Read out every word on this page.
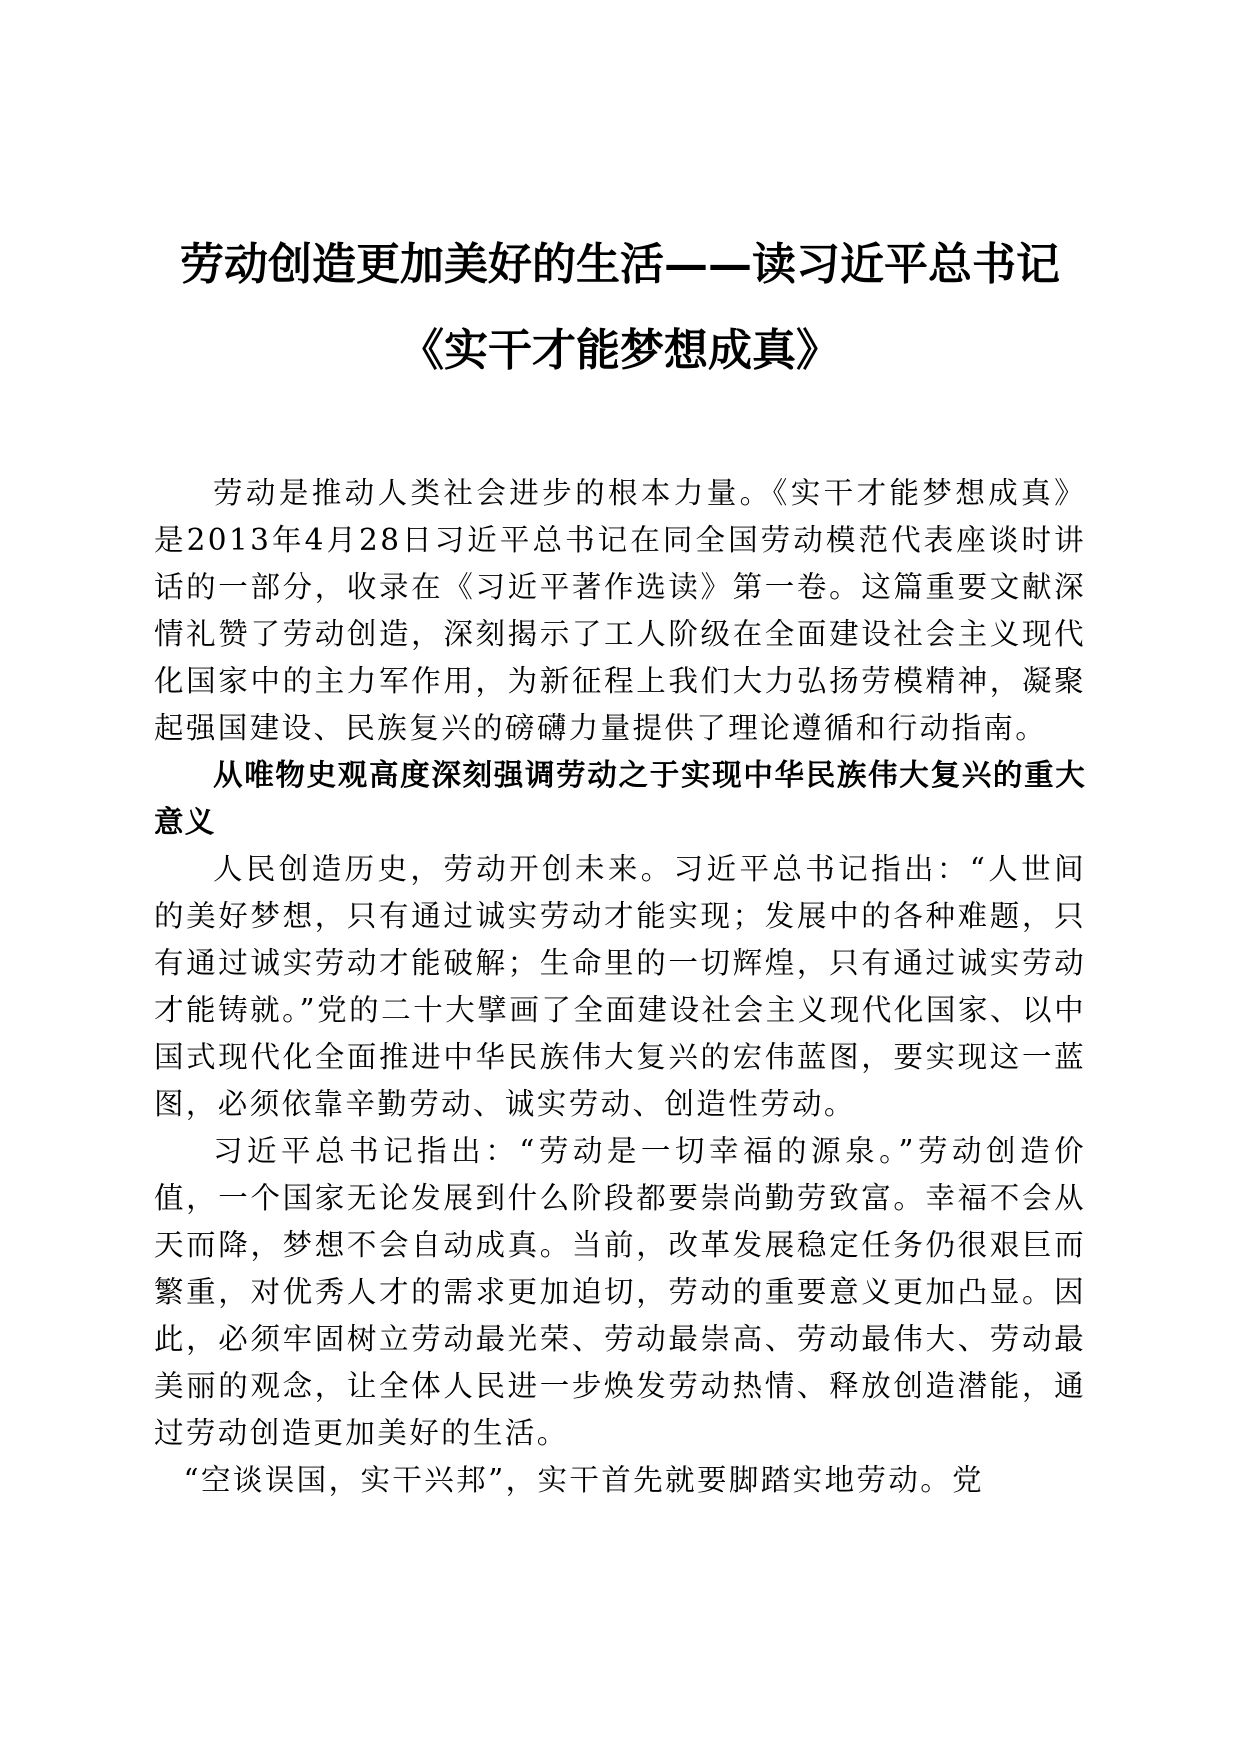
劳动创造更加美好的生活——读习近平总书记
《实干才能梦想成真》

劳动是推动人类社会进步的根本力量。《实干才能梦想成真》是2013年4月28日习近平总书记在同全国劳动模范代表座谈时讲话的一部分，收录在《习近平著作选读》第一卷。这篇重要文献深情礼赞了劳动创造，深刻揭示了工人阶级在全面建设社会主义现代化国家中的主力军作用，为新征程上我们大力弘扬劳模精神，凝聚起强国建设、民族复兴的磅礴力量提供了理论遵循和行动指南。

从唯物史观高度深刻强调劳动之于实现中华民族伟大复兴的重大意义

人民创造历史，劳动开创未来。习近平总书记指出：“人世间的美好梦想，只有通过诚实劳动才能实现；发展中的各种难题，只有通过诚实劳动才能破解；生命里的一切辉煌，只有通过诚实劳动才能铸就。”党的二十大擘画了全面建设社会主义现代化国家、以中国式现代化全面推进中华民族伟大复兴的宏伟蓝图，要实现这一蓝图，必须依靠辛勤劳动、诚实劳动、创造性劳动。

习近平总书记指出：“劳动是一切幸福的源泉。”劳动创造价值，一个国家无论发展到什么阶段都要崇尚勤劳致富。幸福不会从天而降，梦想不会自动成真。当前，改革发展稳定任务仍很艰巨而繁重，对优秀人才的需求更加迫切，劳动的重要意义更加凸显。因此，必须牢固树立劳动最光荣、劳动最崇高、劳动最伟大、劳动最美丽的观念，让全体人民进一步焕发劳动热情、释放创造潜能，通过劳动创造更加美好的生活。

“空谈误国，实干兴邦”，实干首先就要脚踏实地劳动。党
